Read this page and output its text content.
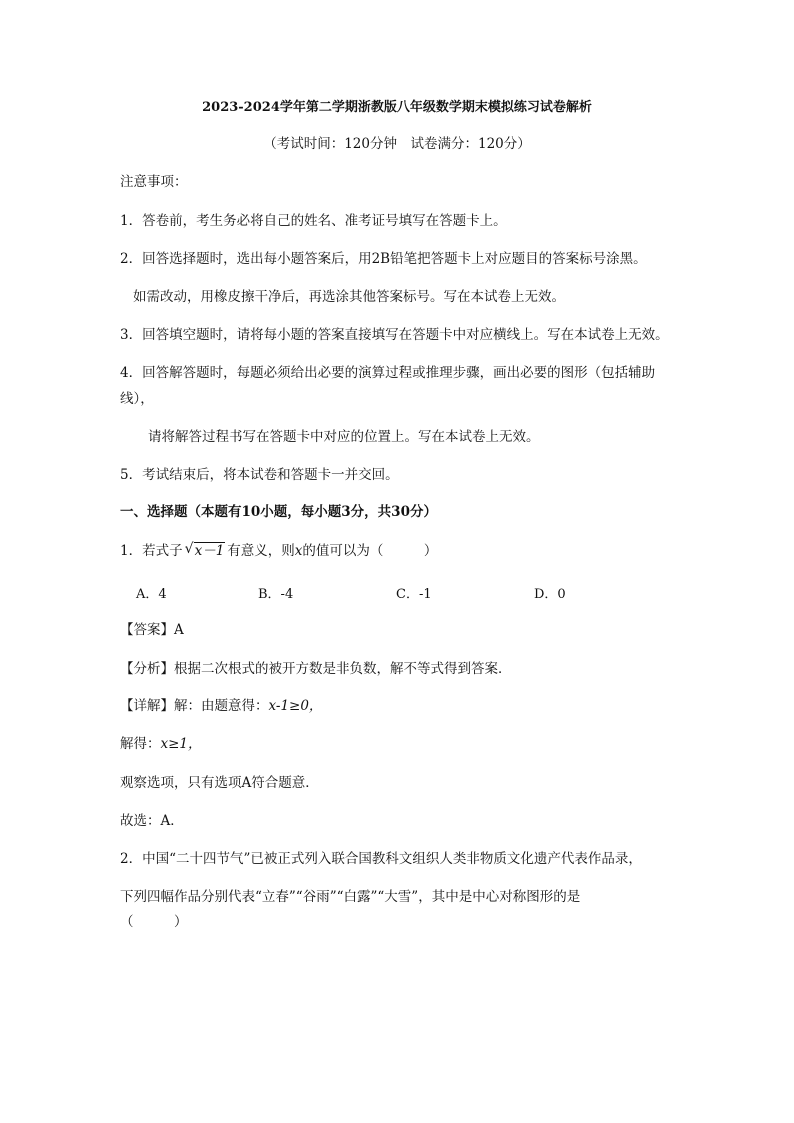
2023-2024学年第二学期浙教版八年级数学期末模拟练习试卷解析
（考试时间：120分钟　试卷满分：120分）
注意事项：
1．答卷前，考生务必将自己的姓名、准考证号填写在答题卡上。
2．回答选择题时，选出每小题答案后，用2B铅笔把答题卡上对应题目的答案标号涂黑。
如需改动，用橡皮擦干净后，再选涂其他答案标号。写在本试卷上无效。
3．回答填空题时，请将每小题的答案直接填写在答题卡中对应横线上。写在本试卷上无效。
4．回答解答题时，每题必须给出必要的演算过程或推理步骤，画出必要的图形（包括辅助
线），
请将解答过程书写在答题卡中对应的位置上。写在本试卷上无效。
5．考试结束后，将本试卷和答题卡一并交回。
一、选择题（本题有10小题，每小题3分，共30分）
1．若式子 √ x－1 有意义，则x的值可以为（　　　）
A．4	B．-4	C．-1	D．0
【答案】A
【分析】根据二次根式的被开方数是非负数，解不等式得到答案．
【详解】解：由题意得：x-1≥0，
解得：x≥1，
观察选项，只有选项A符合题意．
故选：A．
2．中国“二十四节气”已被正式列入联合国教科文组织人类非物质文化遗产代表作品录，
下列四幅作品分别代表“立春”“谷雨”“白露”“大雪”，其中是中心对称图形的是
（　　　）
